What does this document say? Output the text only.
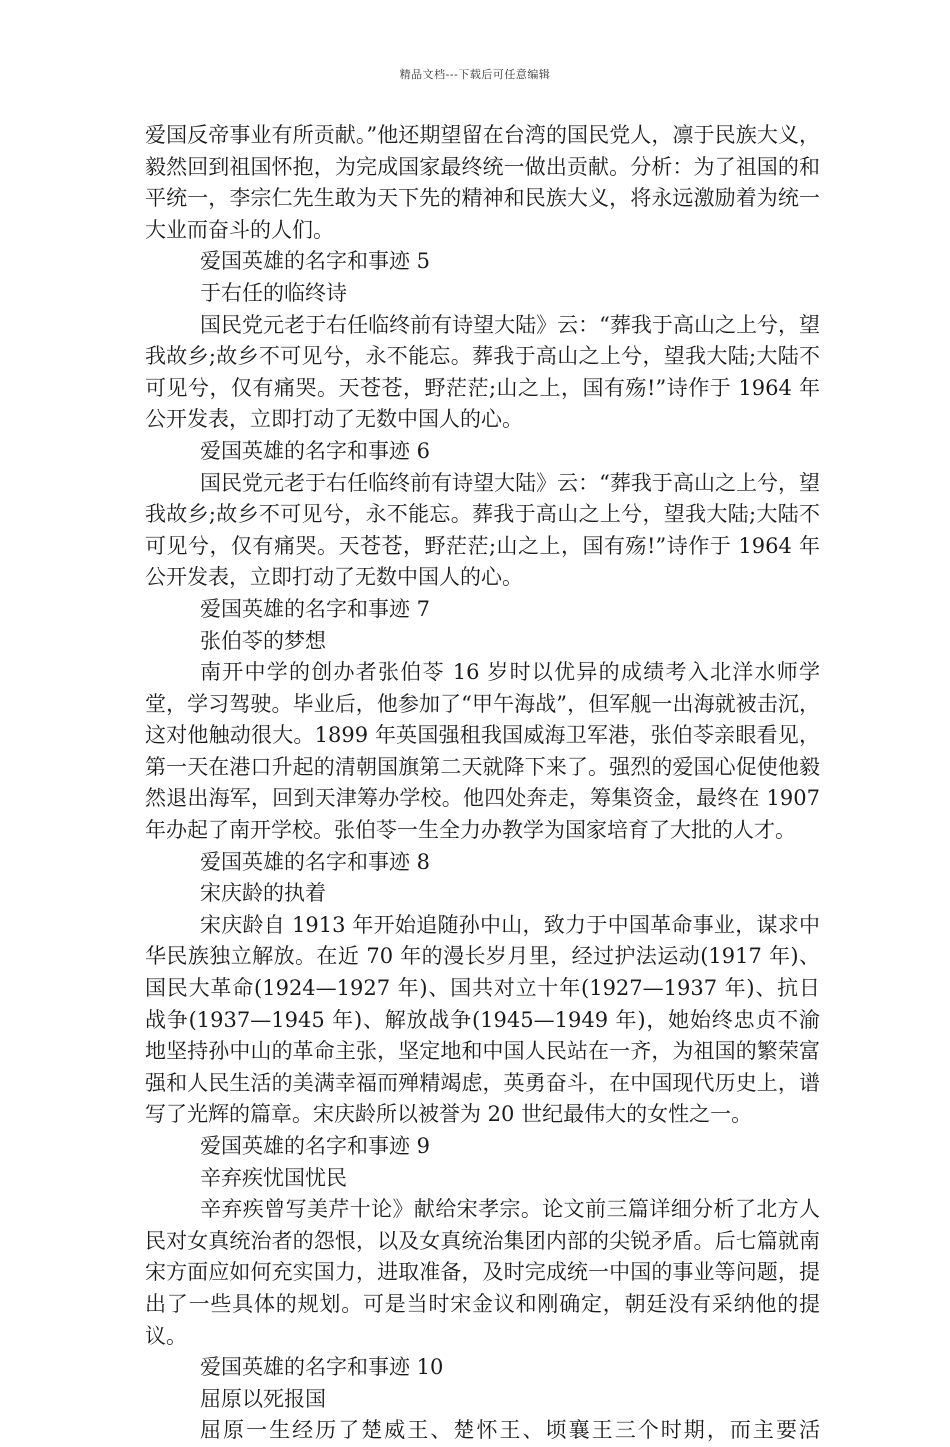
精品文档---下载后可任意编辑

爱国反帝事业有所贡献。”他还期望留在台湾的国民党人，凛于民族大义，毅然回到祖国怀抱，为完成国家最终统一做出贡献。分析：为了祖国的和平统一，李宗仁先生敢为天下先的精神和民族大义，将永远激励着为统一大业而奋斗的人们。

爱国英雄的名字和事迹 5

于右任的临终诗

国民党元老于右任临终前有诗望大陆》云：“葬我于高山之上兮，望我故乡;故乡不可见兮，永不能忘。葬我于高山之上兮，望我大陆;大陆不可见兮，仅有痛哭。天苍苍，野茫茫;山之上，国有殇!”诗作于 1964 年公开发表，立即打动了无数中国人的心。

爱国英雄的名字和事迹 6

国民党元老于右任临终前有诗望大陆》云：“葬我于高山之上兮，望我故乡;故乡不可见兮，永不能忘。葬我于高山之上兮，望我大陆;大陆不可见兮，仅有痛哭。天苍苍，野茫茫;山之上，国有殇!”诗作于 1964 年公开发表，立即打动了无数中国人的心。

爱国英雄的名字和事迹 7

张伯苓的梦想

南开中学的创办者张伯苓 16 岁时以优异的成绩考入北洋水师学堂，学习驾驶。毕业后，他参加了“甲午海战”，但军舰一出海就被击沉，这对他触动很大。1899 年英国强租我国威海卫军港，张伯苓亲眼看见，第一天在港口升起的清朝国旗第二天就降下来了。强烈的爱国心促使他毅然退出海军，回到天津筹办学校。他四处奔走，筹集资金，最终在 1907 年办起了南开学校。张伯苓一生全力办教学为国家培育了大批的人才。

爱国英雄的名字和事迹 8

宋庆龄的执着

宋庆龄自 1913 年开始追随孙中山，致力于中国革命事业，谋求中华民族独立解放。在近 70 年的漫长岁月里，经过护法运动(1917 年)、国民大革命(1924—1927 年)、国共对立十年(1927—1937 年)、抗日战争(1937—1945 年)、解放战争(1945—1949 年)，她始终忠贞不渝地坚持孙中山的革命主张，坚定地和中国人民站在一齐，为祖国的繁荣富强和人民生活的美满幸福而殚精竭虑，英勇奋斗，在中国现代历史上，谱写了光辉的篇章。宋庆龄所以被誉为 20 世纪最伟大的女性之一。

爱国英雄的名字和事迹 9

辛弃疾忧国忧民

辛弃疾曾写美芹十论》献给宋孝宗。论文前三篇详细分析了北方人民对女真统治者的怨恨，以及女真统治集团内部的尖锐矛盾。后七篇就南宋方面应如何充实国力，进取准备，及时完成统一中国的事业等问题，提出了一些具体的规划。可是当时宋金议和刚确定，朝廷没有采纳他的提议。

爱国英雄的名字和事迹 10

屈原以死报国

屈原一生经历了楚威王、楚怀王、顷襄王三个时期，而主要活
